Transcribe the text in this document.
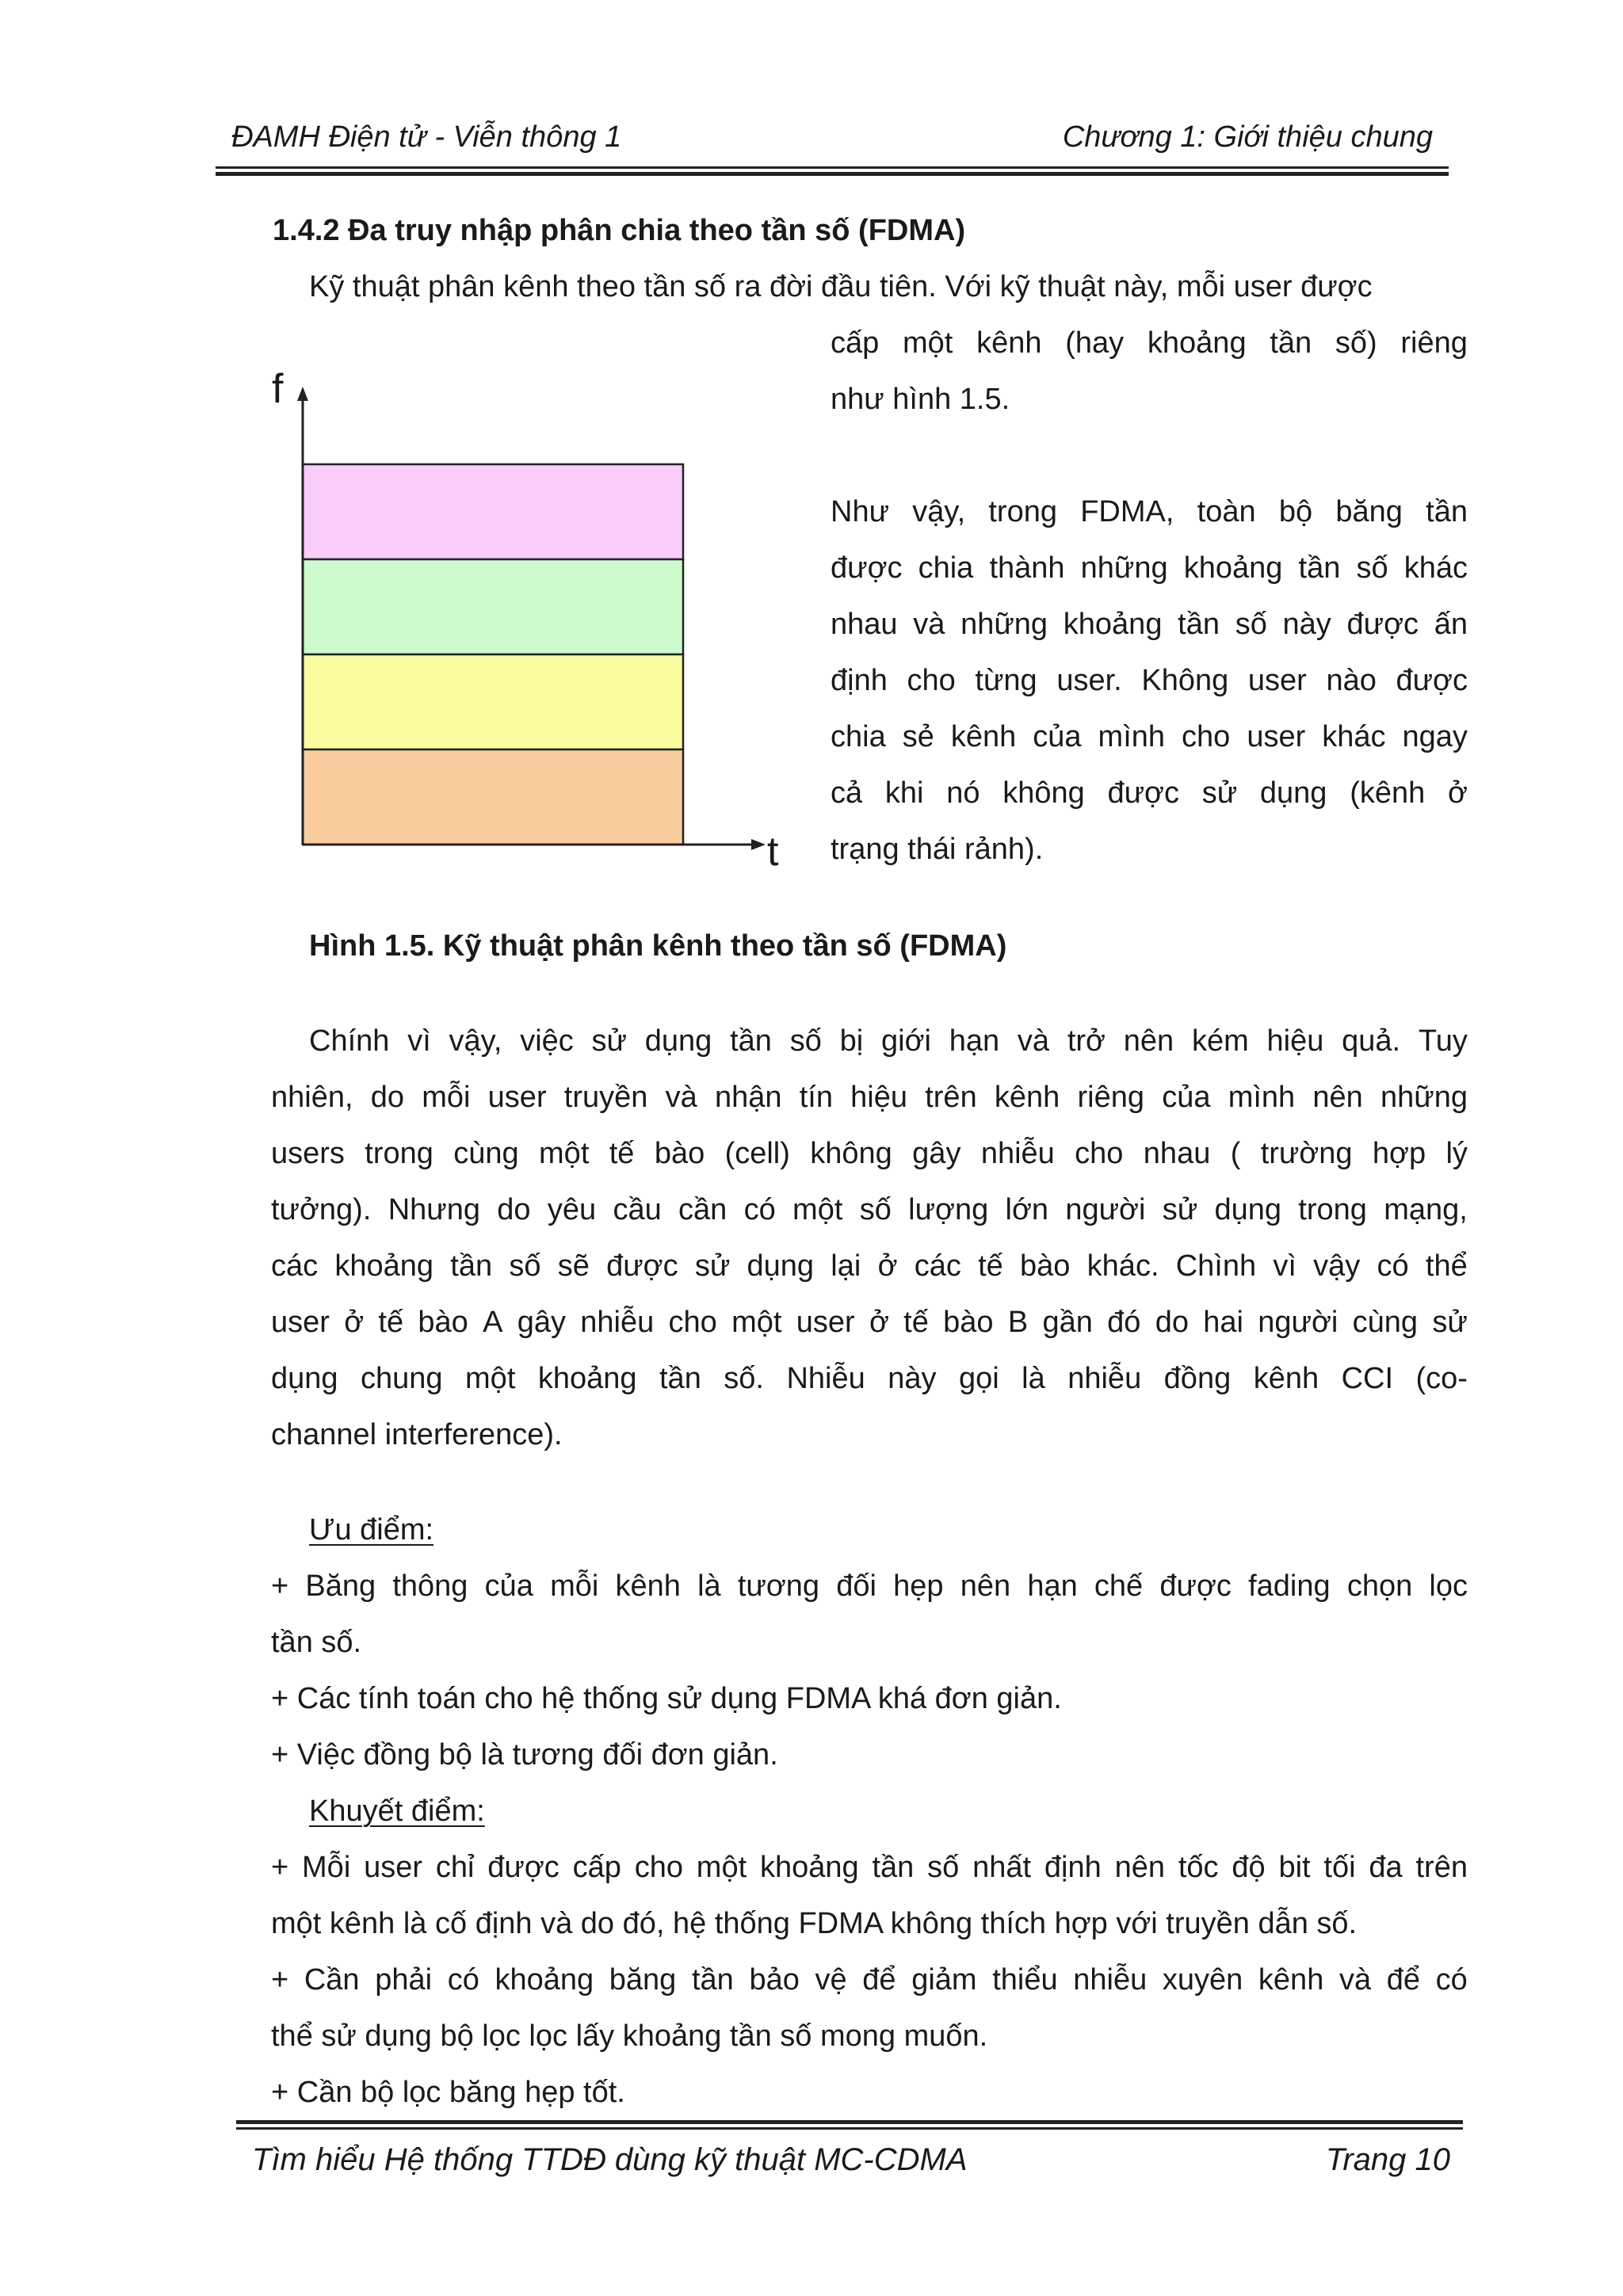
ĐAMH Điện tử - Viễn thông 1	Chương 1: Giới thiệu chung
1.4.2 Đa truy nhập phân chia theo tần số (FDMA)
Kỹ thuật phân kênh theo tần số ra đời đầu tiên. Với kỹ thuật này, mỗi user được
cấp một kênh (hay khoảng tần số) riêng
như hình 1.5.
f
t
Như vậy, trong FDMA, toàn bộ băng tần
được chia thành những khoảng tần số khác
nhau và những khoảng tần số này được ấn
định cho từng user. Không user nào được
chia sẻ kênh của mình cho user khác ngay
cả khi nó không được sử dụng (kênh ở
trạng thái rảnh).
Hình 1.5. Kỹ thuật phân kênh theo tần số (FDMA)
Chính vì vậy, việc sử dụng tần số bị giới hạn và trở nên kém hiệu quả. Tuy
nhiên, do mỗi user truyền và nhận tín hiệu trên kênh riêng của mình nên những
users trong cùng một tế bào (cell) không gây nhiễu cho nhau ( trường hợp lý
tưởng). Nhưng do yêu cầu cần có một số lượng lớn người sử dụng trong mạng,
các khoảng tần số sẽ được sử dụng lại ở các tế bào khác. Chình vì vậy có thể
user ở tế bào A gây nhiễu cho một user ở tế bào B gần đó do hai người cùng sử
dụng chung một khoảng tần số. Nhiễu này gọi là nhiễu đồng kênh CCI (co-
channel interference).
Ưu điểm:
+ Băng thông của mỗi kênh là tương đối hẹp nên hạn chế được fading chọn lọc
tần số.
+ Các tính toán cho hệ thống sử dụng FDMA khá đơn giản.
+ Việc đồng bộ là tương đối đơn giản.
Khuyết điểm:
+ Mỗi user chỉ được cấp cho một khoảng tần số nhất định nên tốc độ bit tối đa trên
một kênh là cố định và do đó, hệ thống FDMA không thích hợp với truyền dẫn số.
+ Cần phải có khoảng băng tần bảo vệ để giảm thiểu nhiễu xuyên kênh và để có
thể sử dụng bộ lọc lọc lấy khoảng tần số mong muốn.
+ Cần bộ lọc băng hẹp tốt.
Tìm hiểu Hệ thống TTDĐ dùng kỹ thuật MC-CDMA	Trang 10
